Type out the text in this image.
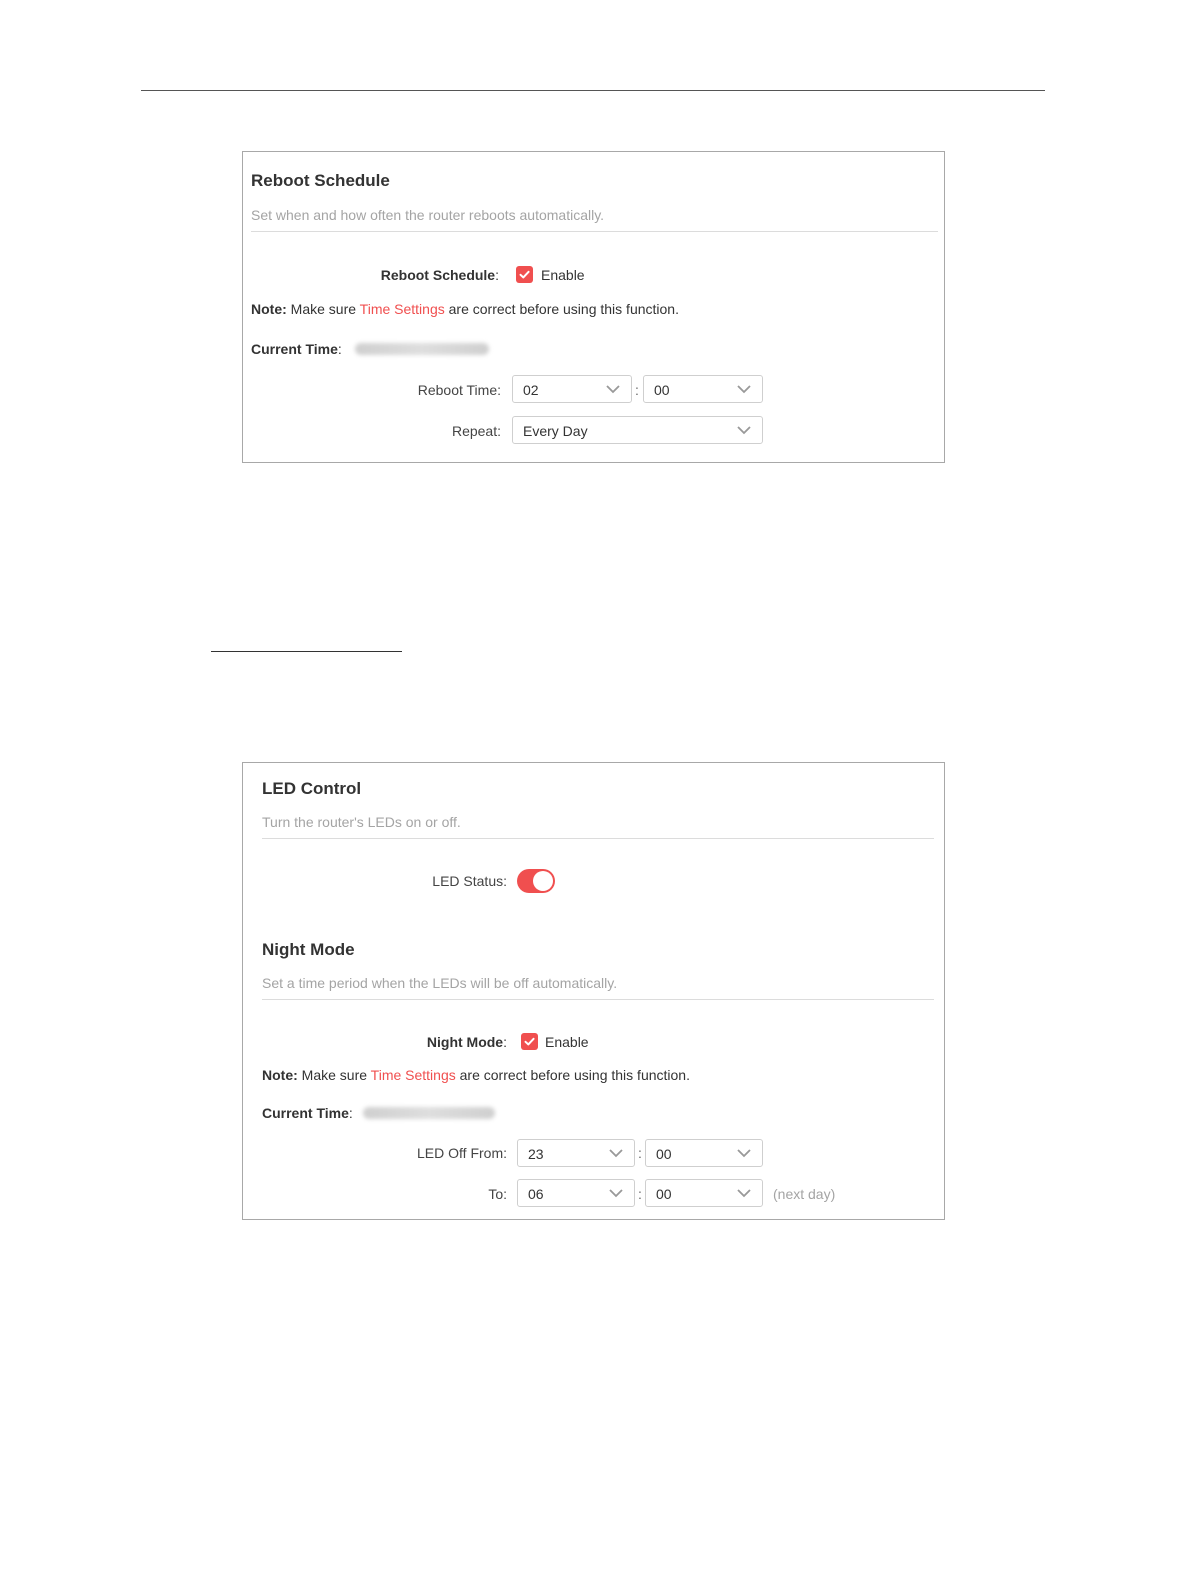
Reboot Schedule
Set when and how often the router reboots automatically.
Reboot Schedule:	Enable
Note: Make sure Time Settings are correct before using this function.
Current Time:
Reboot Time: 02	: 00
Repeat: Every Day
LED Control
Turn the router's LEDs on or off.
LED Status:
Night Mode
Set a time period when the LEDs will be off automatically.
Night Mode:	Enable
Note: Make sure Time Settings are correct before using this function.
Current Time:
LED Off From: 23	: 00
To: 06	: 00	(next day)
